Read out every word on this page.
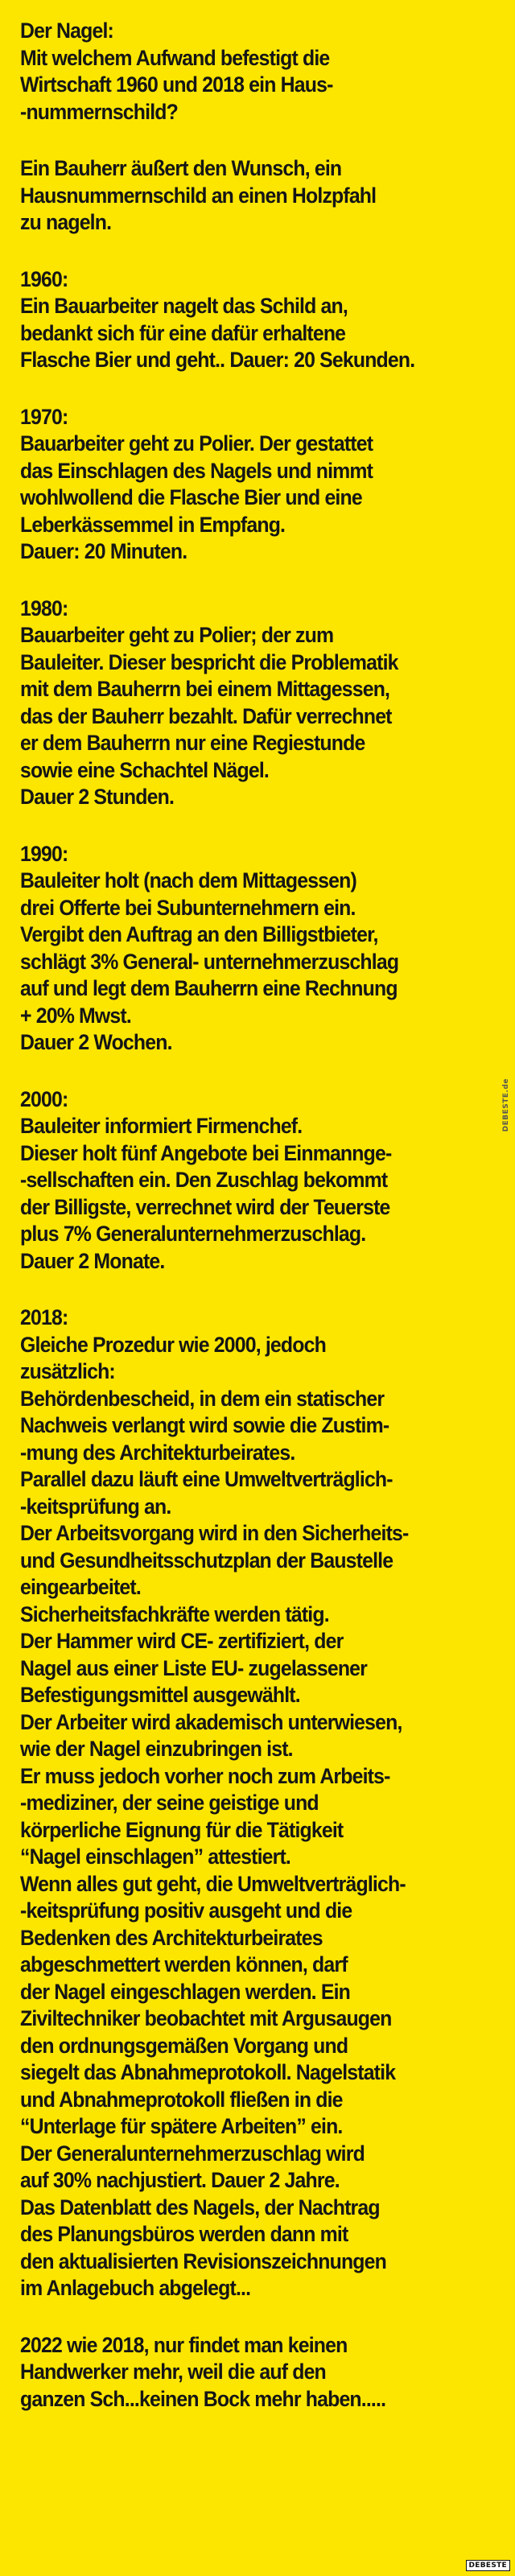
Der Nagel:
Mit welchem Aufwand befestigt die
Wirtschaft 1960 und 2018 ein Haus-
-nummernschild?
Ein Bauherr äußert den Wunsch, ein
Hausnummernschild an einen Holzpfahl
zu nageln.
1960:
Ein Bauarbeiter nagelt das Schild an,
bedankt sich für eine dafür erhaltene
Flasche Bier und geht.. Dauer: 20 Sekunden.
1970:
Bauarbeiter geht zu Polier. Der gestattet
das Einschlagen des Nagels und nimmt
wohlwollend die Flasche Bier und eine
Leberkässemmel in Empfang.
Dauer: 20 Minuten.
1980:
Bauarbeiter geht zu Polier; der zum
Bauleiter. Dieser bespricht die Problematik
mit dem Bauherrn bei einem Mittagessen,
das der Bauherr bezahlt. Dafür verrechnet
er dem Bauherrn nur eine Regiestunde
sowie eine Schachtel Nägel.
Dauer 2 Stunden.
1990:
Bauleiter holt (nach dem Mittagessen)
drei Offerte bei Subunternehmern ein.
Vergibt den Auftrag an den Billigstbieter,
schlägt 3% General- unternehmerzuschlag
auf und legt dem Bauherrn eine Rechnung
+ 20% Mwst.
Dauer 2 Wochen.
2000:
Bauleiter informiert Firmenchef.
Dieser holt fünf Angebote bei Einmannge-
-sellschaften ein. Den Zuschlag bekommt
der Billigste, verrechnet wird der Teuerste
plus 7% Generalunternehmerzuschlag.
Dauer 2 Monate.
2018:
Gleiche Prozedur wie 2000, jedoch
zusätzlich:
Behördenbescheid, in dem ein statischer
Nachweis verlangt wird sowie die Zustim-
-mung des Architekturbeirates.
Parallel dazu läuft eine Umweltverträglich-
-keitsprüfung an.
Der Arbeitsvorgang wird in den Sicherheits-
und Gesundheitsschutzplan der Baustelle
eingearbeitet.
Sicherheitsfachkräfte werden tätig.
Der Hammer wird CE- zertifiziert, der
Nagel aus einer Liste EU- zugelassener
Befestigungsmittel ausgewählt.
Der Arbeiter wird akademisch unterwiesen,
wie der Nagel einzubringen ist.
Er muss jedoch vorher noch zum Arbeits-
-mediziner, der seine geistige und
körperliche Eignung für die Tätigkeit
“Nagel einschlagen” attestiert.
Wenn alles gut geht, die Umweltverträglich-
-keitsprüfung positiv ausgeht und die
Bedenken des Architekturbeirates
abgeschmettert werden können, darf
der Nagel eingeschlagen werden. Ein
Ziviltechniker beobachtet mit Argusaugen
den ordnungsgemäßen Vorgang und
siegelt das Abnahmeprotokoll. Nagelstatik
und Abnahmeprotokoll fließen in die
“Unterlage für spätere Arbeiten” ein.
Der Generalunternehmerzuschlag wird
auf 30% nachjustiert. Dauer 2 Jahre.
Das Datenblatt des Nagels, der Nachtrag
des Planungsbüros werden dann mit
den aktualisierten Revisionszeichnungen
im Anlagebuch abgelegt...
2022 wie 2018, nur findet man keinen
Handwerker mehr, weil die auf den
ganzen Sch...keinen Bock mehr haben.....
DEBESTE.de
DEBESTE
